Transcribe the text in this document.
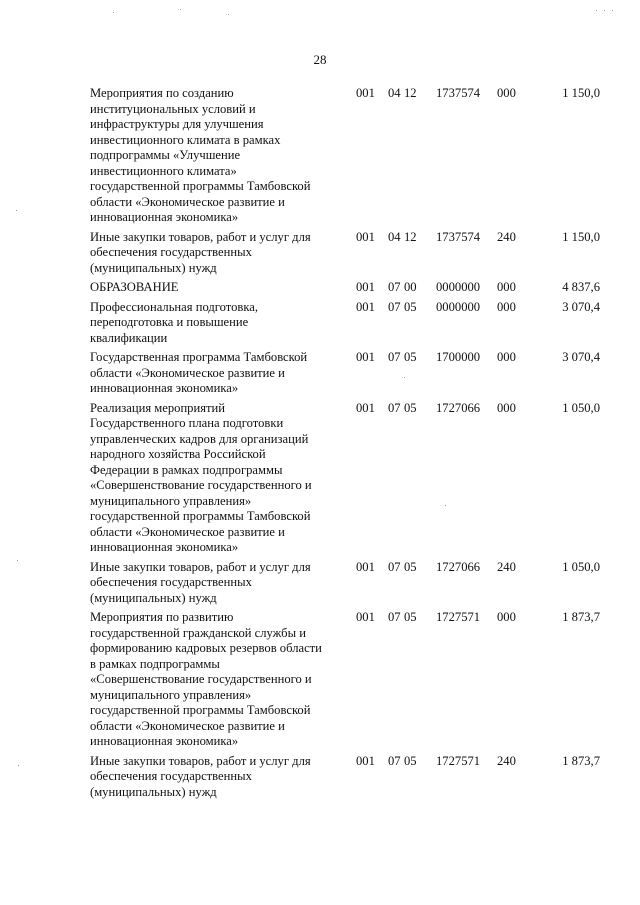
28
Мероприятия по созданию
институциональных условий и
инфраструктуры для улучшения
инвестиционного климата в рамках
подпрограммы «Улучшение
инвестиционного климата»
государственной программы Тамбовской
области «Экономическое развитие и
инновационная экономика»
001 04 12 1737574 000	1 150,0
Иные закупки товаров, работ и услуг для
обеспечения государственных
(муниципальных) нужд
001 04 12 1737574 240	1 150,0
ОБРАЗОВАНИЕ	001 07 00 0000000 000	4 837,6
Профессиональная подготовка,
переподготовка и повышение
квалификации
001 07 05 0000000 000	3 070,4
Государственная программа Тамбовской
области «Экономическое развитие и
инновационная экономика»
001 07 05 1700000 000	3 070,4
Реализация мероприятий
Государственного плана подготовки
управленческих кадров для организаций
народного хозяйства Российской
Федерации в рамках подпрограммы
«Совершенствование государственного и
муниципального управления»
государственной программы Тамбовской
области «Экономическое развитие и
инновационная экономика»
001 07 05 1727066 000	1 050,0
Иные закупки товаров, работ и услуг для
обеспечения государственных
(муниципальных) нужд
001 07 05 1727066 240	1 050,0
Мероприятия по развитию
государственной гражданской службы и
формированию кадровых резервов области
в рамках подпрограммы
«Совершенствование государственного и
муниципального управления»
государственной программы Тамбовской
области «Экономическое развитие и
инновационная экономика»
001 07 05 1727571 000	1 873,7
Иные закупки товаров, работ и услуг для
обеспечения государственных
(муниципальных) нужд
001 07 05 1727571 240	1 873,7
